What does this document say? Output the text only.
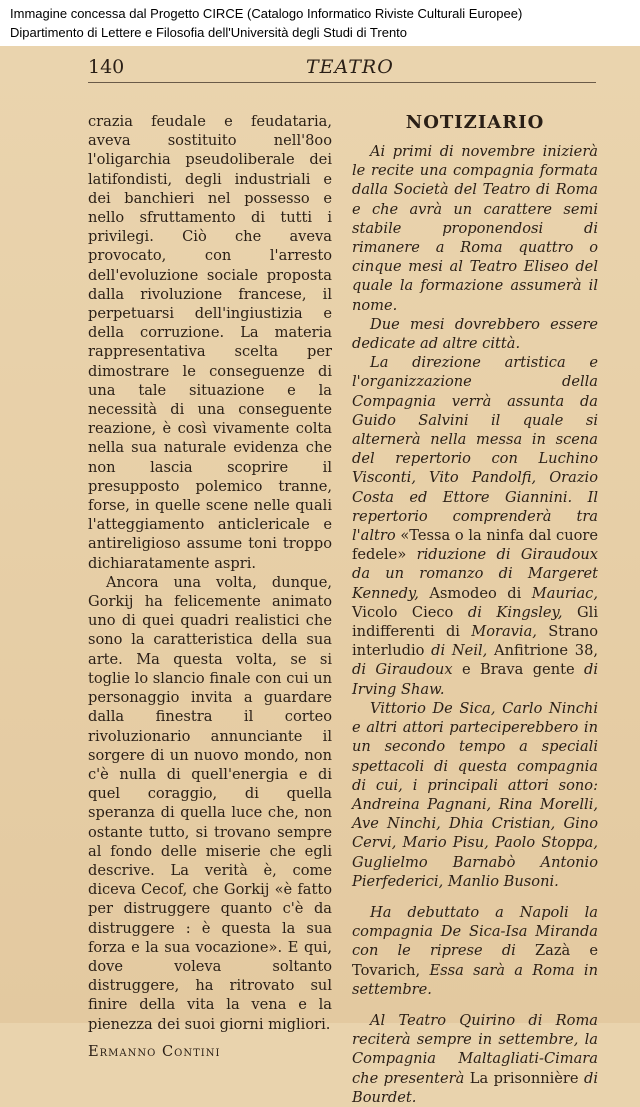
Immagine concessa dal Progetto CIRCE (Catalogo Informatico Riviste Culturali Europee)
Dipartimento di Lettere e Filosofia dell'Università degli Studi di Trento
140	TEATRO

crazia feudale e feudataria, aveva sostituito nell'8oo l'oligarchia pseudoliberale dei latifondisti, degli industriali e dei banchieri nel possesso e nello sfruttamento di tutti i privilegi. Ciò che aveva provocato, con l'arresto dell'evoluzione sociale proposta dalla rivoluzione francese, il perpetuarsi dell'ingiustizia e della corruzione. La materia rappresentativa scelta per dimostrare le conseguenze di una tale situazione e la necessità di una conseguente reazione, è così vivamente colta nella sua naturale evidenza che non lascia scoprire il presupposto polemico tranne, forse, in quelle scene nelle quali l'atteggiamento anticlericale e antireligioso assume toni troppo dichiaratamente aspri.

Ancora una volta, dunque, Gorkij ha felicemente animato uno di quei quadri realistici che sono la caratteristica della sua arte. Ma questa volta, se si toglie lo slancio finale con cui un personaggio invita a guardare dalla finestra il corteo rivoluzionario annunciante il sorgere di un nuovo mondo, non c'è nulla di quell'energia e di quel coraggio, di quella speranza di quella luce che, non ostante tutto, si trovano sempre al fondo delle miserie che egli descrive. La verità è, come diceva Cecof, che Gorkij «è fatto per distruggere quanto c'è da distruggere : è questa la sua forza e la sua vocazione». E qui, dove voleva soltanto distruggere, ha ritrovato sul finire della vita la vena e la pienezza dei suoi giorni migliori.

Ermanno Contini

NOTIZIARIO

Ai primi di novembre inizierà le recite una compagnia formata dalla Società del Teatro di Roma e che avrà un carattere semi stabile proponendosi di rimanere a Roma quattro o cinque mesi al Teatro Eliseo del quale la formazione assumerà il nome.

Due mesi dovrebbero essere dedicate ad altre città.

La direzione artistica e l'organizzazione della Compagnia verrà assunta da Guido Salvini il quale si alternerà nella messa in scena del repertorio con Luchino Visconti, Vito Pandolfi, Orazio Costa ed Ettore Giannini. Il repertorio comprenderà tra l'altro «Tessa o la ninfa dal cuore fedele» riduzione di Giraudoux da un romanzo di Margeret Kennedy, Asmodeo di Mauriac, Vicolo Cieco di Kingsley, Gli indifferenti di Moravia, Strano interludio di Neil, Anfitrione 38, di Giraudoux e Brava gente di Irving Shaw.

Vittorio De Sica, Carlo Ninchi e altri attori parteciperebbero in un secondo tempo a speciali spettacoli di questa compagnia di cui, i principali attori sono: Andreina Pagnani, Rina Morelli, Ave Ninchi, Dhia Cristian, Gino Cervi, Mario Pisu, Paolo Stoppa, Guglielmo Barnabò Antonio Pierfederici, Manlio Busoni.

Ha debuttato a Napoli la compagnia De Sica-Isa Miranda con le riprese di Zazà e Tovarich, Essa sarà a Roma in settembre.

Al Teatro Quirino di Roma reciterà sempre in settembre, la Compagnia Maltagliati-Cimara che presenterà La prisonnière di Bourdet.
